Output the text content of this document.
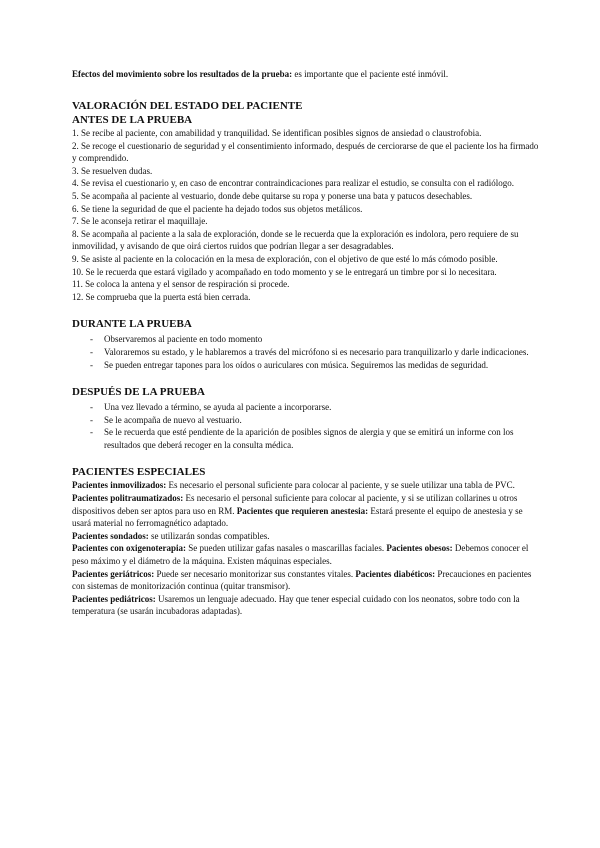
Efectos del movimiento sobre los resultados de la prueba: es importante que el paciente esté inmóvil.

VALORACIÓN DEL ESTADO DEL PACIENTE

ANTES DE LA PRUEBA

1. Se recibe al paciente, con amabilidad y tranquilidad. Se identifican posibles signos de ansiedad o claustrofobia.

2. Se recoge el cuestionario de seguridad y el consentimiento informado, después de cerciorarse de que el paciente los ha firmado y comprendido.

3. Se resuelven dudas.

4. Se revisa el cuestionario y, en caso de encontrar contraindicaciones para realizar el estudio, se consulta con el radiólogo.

5. Se acompaña al paciente al vestuario, donde debe quitarse su ropa y ponerse una bata y patucos desechables.

6. Se tiene la seguridad de que el paciente ha dejado todos sus objetos metálicos.

7. Se le aconseja retirar el maquillaje.

8. Se acompaña al paciente a la sala de exploración, donde se le recuerda que la exploración es indolora, pero requiere de su inmovilidad, y avisando de que oirá ciertos ruidos que podrían llegar a ser desagradables.

9. Se asiste al paciente en la colocación en la mesa de exploración, con el objetivo de que esté lo más cómodo posible.

10. Se le recuerda que estará vigilado y acompañado en todo momento y se le entregará un timbre por si lo necesitara.

11. Se coloca la antena y el sensor de respiración si procede.

12. Se comprueba que la puerta está bien cerrada.

DURANTE LA PRUEBA

- Observaremos al paciente en todo momento
- Valoraremos su estado, y le hablaremos a través del micrófono si es necesario para tranquilizarlo y darle indicaciones.
- Se pueden entregar tapones para los oídos o auriculares con música. Seguiremos las medidas de seguridad.

DESPUÉS DE LA PRUEBA

- Una vez llevado a término, se ayuda al paciente a incorporarse.
- Se le acompaña de nuevo al vestuario.
- Se le recuerda que esté pendiente de la aparición de posibles signos de alergia y que se emitirá un informe con los resultados que deberá recoger en la consulta médica.

PACIENTES ESPECIALES

Pacientes inmovilizados: Es necesario el personal suficiente para colocar al paciente, y se suele utilizar una tabla de PVC.

Pacientes politraumatizados: Es necesario el personal suficiente para colocar al paciente, y si se utilizan collarines u otros dispositivos deben ser aptos para uso en RM. Pacientes que requieren anestesia: Estará presente el equipo de anestesia y se usará material no ferromagnético adaptado.

Pacientes sondados: se utilizarán sondas compatibles.

Pacientes con oxigenoterapia: Se pueden utilizar gafas nasales o mascarillas faciales. Pacientes obesos: Debemos conocer el peso máximo y el diámetro de la máquina. Existen máquinas especiales.

Pacientes geriátricos: Puede ser necesario monitorizar sus constantes vitales. Pacientes diabéticos: Precauciones en pacientes con sistemas de monitorización continua (quitar transmisor).

Pacientes pediátricos: Usaremos un lenguaje adecuado. Hay que tener especial cuidado con los neonatos, sobre todo con la temperatura (se usarán incubadoras adaptadas).
